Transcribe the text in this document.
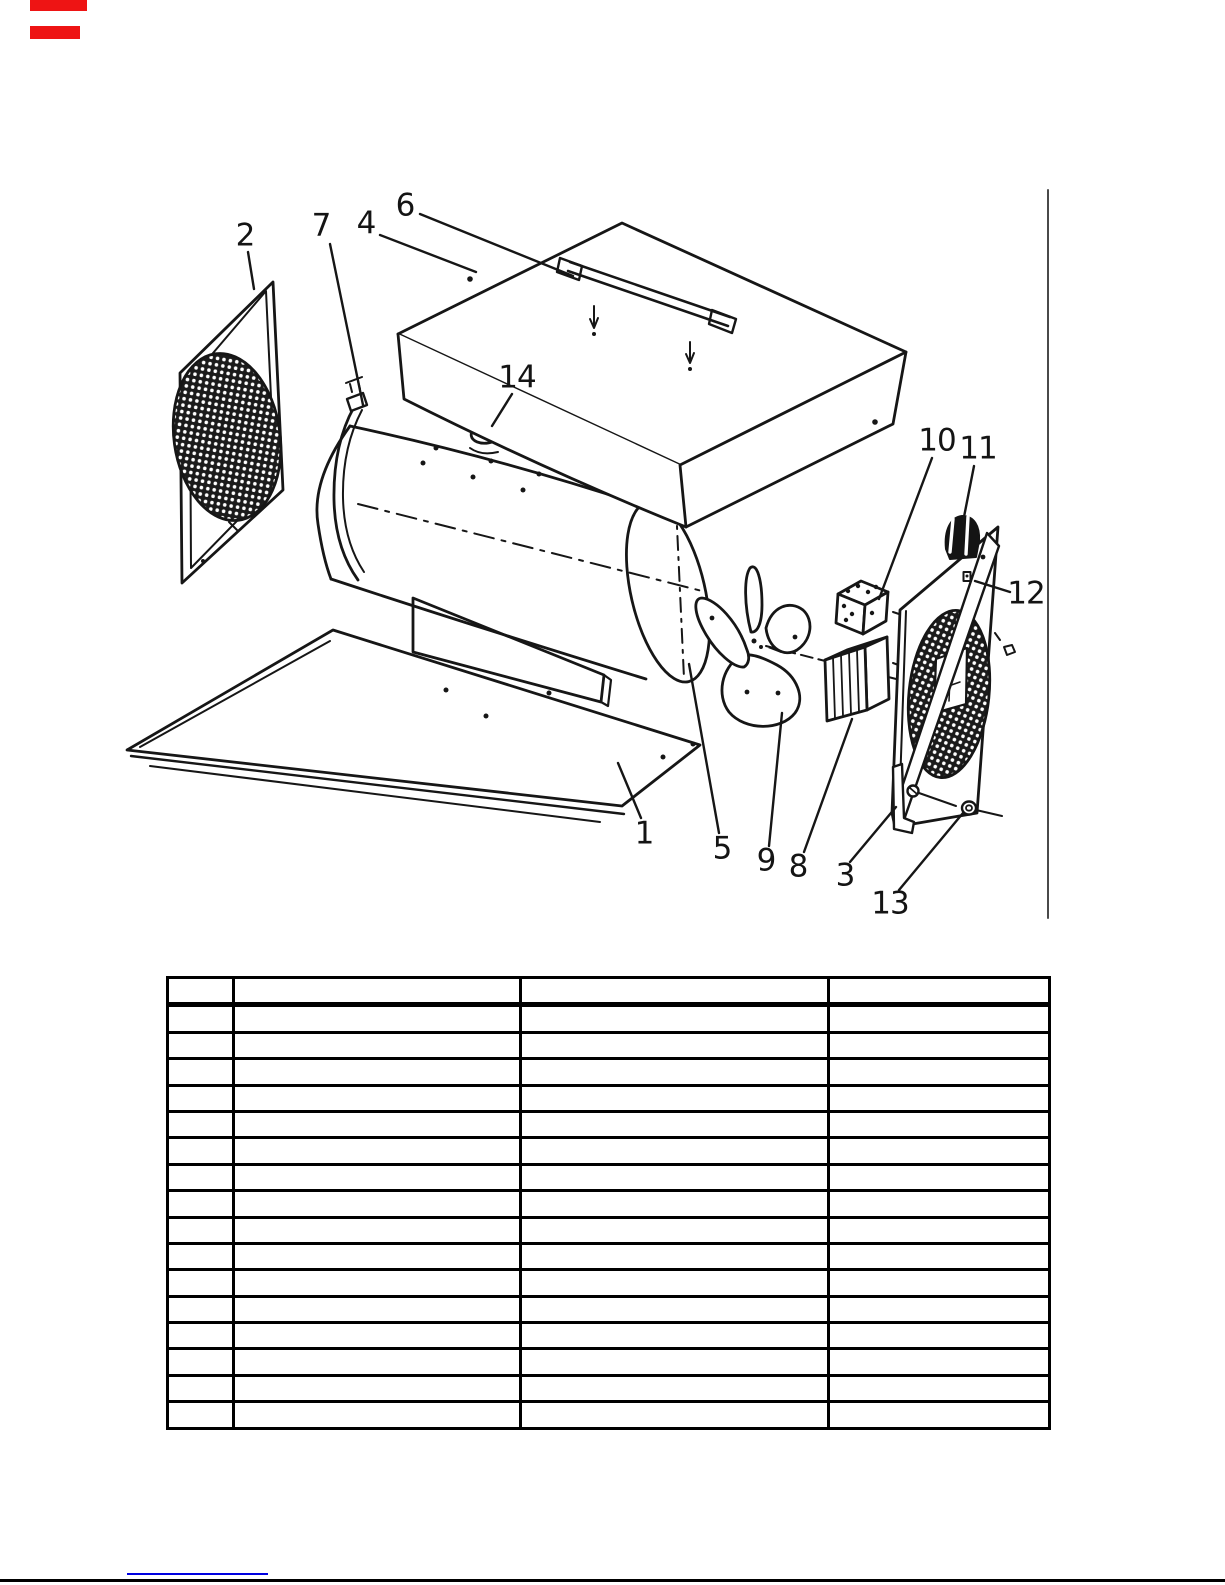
1
2
3
4
5
6
7
8
9
10 11
12
13
14
